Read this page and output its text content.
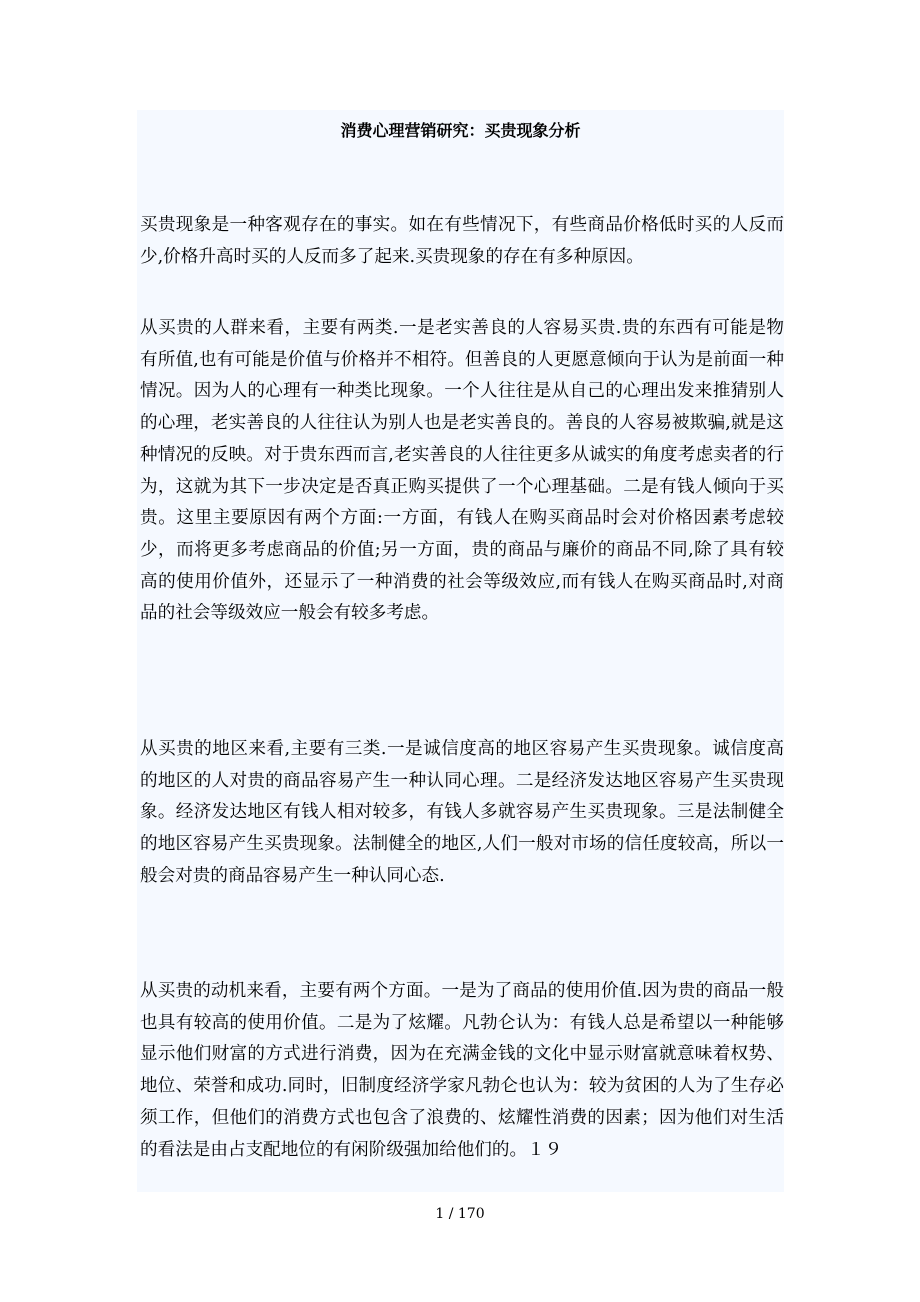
消费心理营销研究：买贵现象分析

买贵现象是一种客观存在的事实。如在有些情况下，有些商品价格低时买的人反而少,价格升高时买的人反而多了起来.买贵现象的存在有多种原因。

从买贵的人群来看，主要有两类.一是老实善良的人容易买贵.贵的东西有可能是物有所值,也有可能是价值与价格并不相符。但善良的人更愿意倾向于认为是前面一种情况。因为人的心理有一种类比现象。一个人往往是从自己的心理出发来推猜别人的心理，老实善良的人往往认为别人也是老实善良的。善良的人容易被欺骗,就是这种情况的反映。对于贵东西而言,老实善良的人往往更多从诚实的角度考虑卖者的行为，这就为其下一步决定是否真正购买提供了一个心理基础。二是有钱人倾向于买贵。这里主要原因有两个方面:一方面，有钱人在购买商品时会对价格因素考虑较少，而将更多考虑商品的价值;另一方面，贵的商品与廉价的商品不同,除了具有较高的使用价值外，还显示了一种消费的社会等级效应,而有钱人在购买商品时,对商品的社会等级效应一般会有较多考虑。

从买贵的地区来看,主要有三类.一是诚信度高的地区容易产生买贵现象。诚信度高的地区的人对贵的商品容易产生一种认同心理。二是经济发达地区容易产生买贵现象。经济发达地区有钱人相对较多，有钱人多就容易产生买贵现象。三是法制健全的地区容易产生买贵现象。法制健全的地区,人们一般对市场的信任度较高，所以一般会对贵的商品容易产生一种认同心态.

从买贵的动机来看，主要有两个方面。一是为了商品的使用价值.因为贵的商品一般也具有较高的使用价值。二是为了炫耀。凡勃仑认为：有钱人总是希望以一种能够显示他们财富的方式进行消费，因为在充满金钱的文化中显示财富就意味着权势、地位、荣誉和成功.同时，旧制度经济学家凡勃仑也认为：较为贫困的人为了生存必须工作，但他们的消费方式也包含了浪费的、炫耀性消费的因素；因为他们对生活的看法是由占支配地位的有闲阶级强加给他们的。１９

1 / 170
